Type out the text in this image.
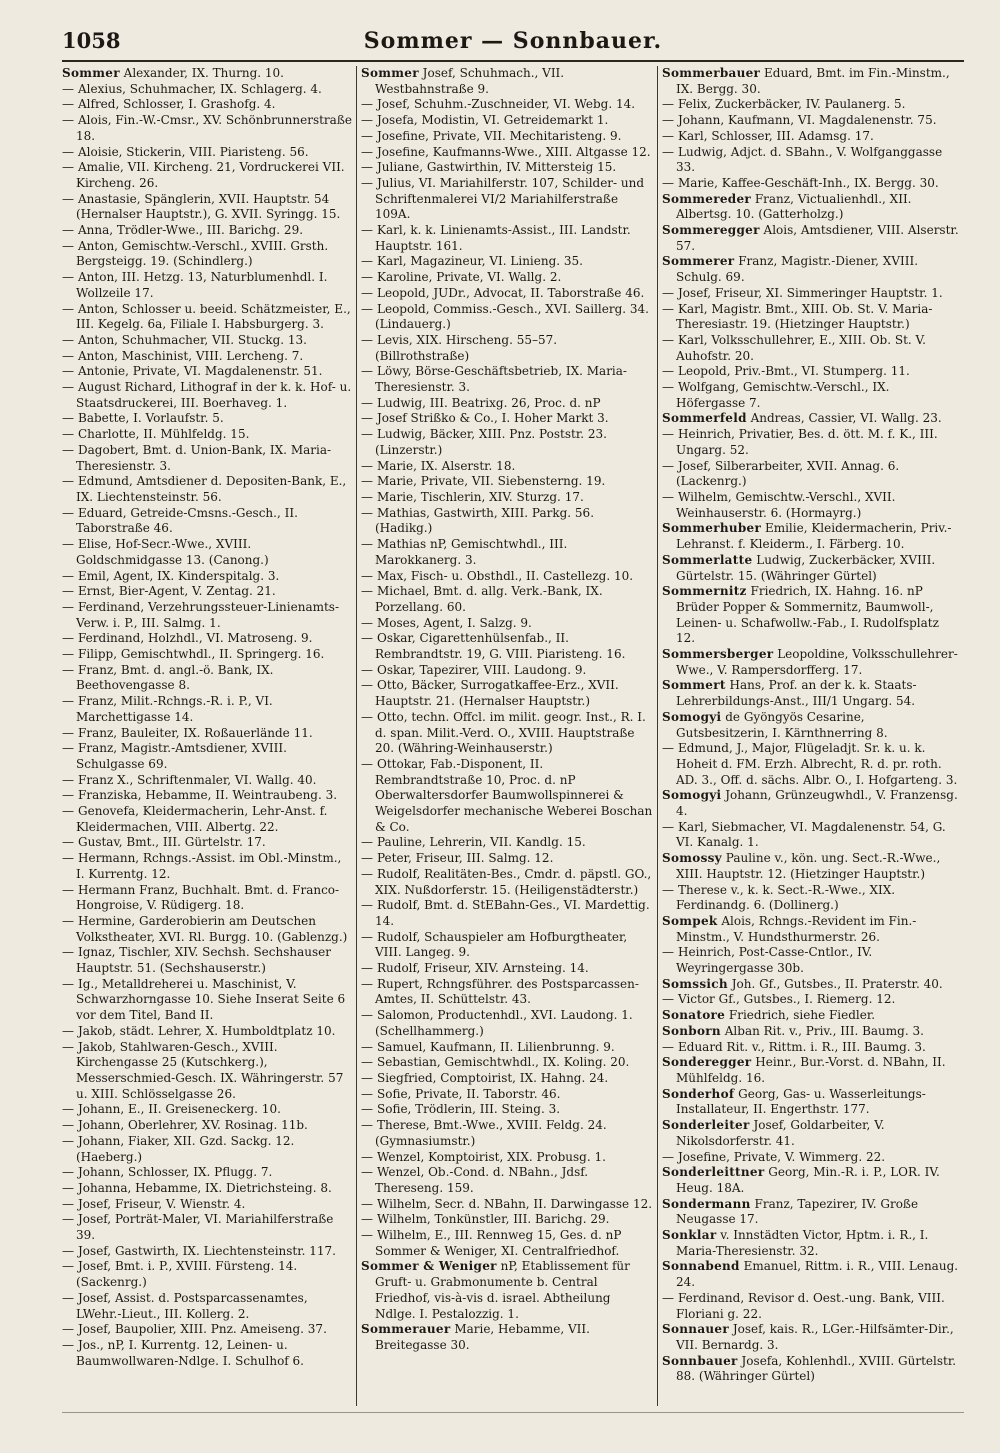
1058	Sommer — Sonnbauer.

Sommer Alexander, IX. Thurng. 10.

— Alexius, Schuhmacher, IX. Schlagerg. 4.

— Alfred, Schlosser, I. Grashofg. 4.

— Alois, Fin.-W.-Cmsr., XV. Schönbrunnerstraße 18.

— Aloisie, Stickerin, VIII. Piaristeng. 56.

— Amalie, VII. Kircheng. 21, Vordruckerei VII. Kircheng. 26.

— Anastasie, Spänglerin, XVII. Hauptstr. 54 (Hernalser Hauptstr.), G. XVII. Syringg. 15.

— Anna, Trödler-Wwe., III. Barichg. 29.

— Anton, Gemischtw.-Verschl., XVIII. Grsth. Bergsteigg. 19. (Schindlerg.)

— Anton, III. Hetzg. 13, Naturblumenhdl. I. Wollzeile 17.

— Anton, Schlosser u. beeid. Schätzmeister, E., III. Kegelg. 6a, Filiale I. Habsburgerg. 3.

— Anton, Schuhmacher, VII. Stuckg. 13.

— Anton, Maschinist, VIII. Lercheng. 7.

— Antonie, Private, VI. Magdalenenstr. 51.

— August Richard, Lithograf in der k. k. Hof- u. Staatsdruckerei, III. Boerhaveg. 1.

— Babette, I. Vorlaufstr. 5.

— Charlotte, II. Mühlfeldg. 15.

— Dagobert, Bmt. d. Union-Bank, IX. Maria-Theresienstr. 3.

— Edmund, Amtsdiener d. Depositen-Bank, E., IX. Liechtensteinstr. 56.

— Eduard, Getreide-Cmsns.-Gesch., II. Taborstraße 46.

— Elise, Hof-Secr.-Wwe., XVIII. Goldschmidgasse 13. (Canong.)

— Emil, Agent, IX. Kinderspitalg. 3.

— Ernst, Bier-Agent, V. Zentag. 21.

— Ferdinand, Verzehrungssteuer-Linienamts-Verw. i. P., III. Salmg. 1.

— Ferdinand, Holzhdl., VI. Matroseng. 9.

— Filipp, Gemischtwhdl., II. Springerg. 16.

— Franz, Bmt. d. angl.-ö. Bank, IX. Beethovengasse 8.

— Franz, Milit.-Rchngs.-R. i. P., VI. Marchettigasse 14.

— Franz, Bauleiter, IX. Roßauerlände 11.

— Franz, Magistr.-Amtsdiener, XVIII. Schulgasse 69.

— Franz X., Schriftenmaler, VI. Wallg. 40.

— Franziska, Hebamme, II. Weintraubeng. 3.

— Genovefa, Kleidermacherin, Lehr-Anst. f. Kleidermachen, VIII. Albertg. 22.

— Gustav, Bmt., III. Gürtelstr. 17.

— Hermann, Rchngs.-Assist. im Obl.-Minstm., I. Kurrentg. 12.

— Hermann Franz, Buchhalt. Bmt. d. Franco-Hongroise, V. Rüdigerg. 18.

— Hermine, Garderobierin am Deutschen Volkstheater, XVI. Rl. Burgg. 10. (Gablenzg.)

— Ignaz, Tischler, XIV. Sechsh. Sechshauser Hauptstr. 51. (Sechshauserstr.)

— Ig., Metalldreherei u. Maschinist, V. Schwarzhorngasse 10. Siehe Inserat Seite 6 vor dem Titel, Band II.

— Jakob, städt. Lehrer, X. Humboldtplatz 10.

— Jakob, Stahlwaren-Gesch., XVIII. Kirchengasse 25 (Kutschkerg.), Messerschmied-Gesch. IX. Währingerstr. 57 u. XIII. Schlösselgasse 26.

— Johann, E., II. Greiseneckerg. 10.

— Johann, Oberlehrer, XV. Rosinag. 11b.

— Johann, Fiaker, XII. Gzd. Sackg. 12. (Haeberg.)

— Johann, Schlosser, IX. Pflugg. 7.

— Johanna, Hebamme, IX. Dietrichsteing. 8.

— Josef, Friseur, V. Wienstr. 4.

— Josef, Porträt-Maler, VI. Mariahilferstraße 39.

— Josef, Gastwirth, IX. Liechtensteinstr. 117.

— Josef, Bmt. i. P., XVIII. Fürsteng. 14. (Sackenrg.)

— Josef, Assist. d. Postsparcassenamtes, LWehr.-Lieut., III. Kollerg. 2.

— Josef, Baupolier, XIII. Pnz. Ameiseng. 37.

— Jos., nP, I. Kurrentg. 12, Leinen- u. Baumwollwaren-Ndlge. I. Schulhof 6.

Sommer Josef, Schuhmach., VII. Westbahnstraße 9.

— Josef, Schuhm.-Zuschneider, VI. Webg. 14.

— Josefa, Modistin, VI. Getreidemarkt 1.

— Josefine, Private, VII. Mechitaristeng. 9.

— Josefine, Kaufmanns-Wwe., XIII. Altgasse 12.

— Juliane, Gastwirthin, IV. Mittersteig 15.

— Julius, VI. Mariahilferstr. 107, Schilder- und Schriftenmalerei VI/2 Mariahilferstraße 109A.

— Karl, k. k. Linienamts-Assist., III. Landstr. Hauptstr. 161.

— Karl, Magazineur, VI. Linieng. 35.

— Karoline, Private, VI. Wallg. 2.

— Leopold, JUDr., Advocat, II. Taborstraße 46.

— Leopold, Commiss.-Gesch., XVI. Saillerg. 34. (Lindauerg.)

— Levis, XIX. Hirscheng. 55–57. (Billrothstraße)

— Löwy, Börse-Geschäftsbetrieb, IX. Maria-Theresienstr. 3.

— Ludwig, III. Beatrixg. 26, Proc. d. nP

— Josef Strißko & Co., I. Hoher Markt 3.

— Ludwig, Bäcker, XIII. Pnz. Poststr. 23. (Linzerstr.)

— Marie, IX. Alserstr. 18.

— Marie, Private, VII. Siebensterng. 19.

— Marie, Tischlerin, XIV. Sturzg. 17.

— Mathias, Gastwirth, XIII. Parkg. 56. (Hadikg.)

— Mathias nP, Gemischtwhdl., III. Marokkanerg. 3.

— Max, Fisch- u. Obsthdl., II. Castellezg. 10.

— Michael, Bmt. d. allg. Verk.-Bank, IX. Porzellang. 60.

— Moses, Agent, I. Salzg. 9.

— Oskar, Cigarettenhülsenfab., II. Rembrandtstr. 19, G. VIII. Piaristeng. 16.

— Oskar, Tapezirer, VIII. Laudong. 9.

— Otto, Bäcker, Surrogatkaffee-Erz., XVII. Hauptstr. 21. (Hernalser Hauptstr.)

— Otto, techn. Offcl. im milit. geogr. Inst., R. I. d. span. Milit.-Verd. O., XVIII. Hauptstraße 20. (Währing-Weinhauserstr.)

— Ottokar, Fab.-Disponent, II. Rembrandtstraße 10, Proc. d. nP Oberwaltersdorfer Baumwollspinnerei & Weigelsdorfer mechanische Weberei Boschan & Co.

— Pauline, Lehrerin, VII. Kandlg. 15.

— Peter, Friseur, III. Salmg. 12.

— Rudolf, Realitäten-Bes., Cmdr. d. päpstl. GO., XIX. Nußdorferstr. 15. (Heiligenstädterstr.)

— Rudolf, Bmt. d. StEBahn-Ges., VI. Mardettig. 14.

— Rudolf, Schauspieler am Hofburgtheater, VIII. Langeg. 9.

— Rudolf, Friseur, XIV. Arnsteing. 14.

— Rupert, Rchngsführer. des Postsparcassen-Amtes, II. Schüttelstr. 43.

— Salomon, Productenhdl., XVI. Laudong. 1. (Schellhammerg.)

— Samuel, Kaufmann, II. Lilienbrunng. 9.

— Sebastian, Gemischtwhdl., IX. Koling. 20.

— Siegfried, Comptoirist, IX. Hahng. 24.

— Sofie, Private, II. Taborstr. 46.

— Sofie, Trödlerin, III. Steing. 3.

— Therese, Bmt.-Wwe., XVIII. Feldg. 24. (Gymnasiumstr.)

— Wenzel, Komptoirist, XIX. Probusg. 1.

— Wenzel, Ob.-Cond. d. NBahn., Jdsf. Thereseng. 159.

— Wilhelm, Secr. d. NBahn, II. Darwingasse 12.

— Wilhelm, Tonkünstler, III. Barichg. 29.

— Wilhelm, E., III. Rennweg 15, Ges. d. nP Sommer & Weniger, XI. Centralfriedhof.

Sommer & Weniger nP, Etablissement für Gruft- u. Grabmonumente b. Central Friedhof, vis-à-vis d. israel. Abtheilung Ndlge. I. Pestalozzig. 1.

Sommerauer Marie, Hebamme, VII. Breitegasse 30.

Sommerbauer Eduard, Bmt. im Fin.-Minstm., IX. Bergg. 30.

— Felix, Zuckerbäcker, IV. Paulanerg. 5.

— Johann, Kaufmann, VI. Magdalenenstr. 75.

— Karl, Schlosser, III. Adamsg. 17.

— Ludwig, Adjct. d. SBahn., V. Wolfganggasse 33.

— Marie, Kaffee-Geschäft-Inh., IX. Bergg. 30.

Sommereder Franz, Victualienhdl., XII. Albertsg. 10. (Gatterholzg.)

Sommeregger Alois, Amtsdiener, VIII. Alserstr. 57.

Sommerer Franz, Magistr.-Diener, XVIII. Schulg. 69.

— Josef, Friseur, XI. Simmeringer Hauptstr. 1.

— Karl, Magistr. Bmt., XIII. Ob. St. V. Maria-Theresiastr. 19. (Hietzinger Hauptstr.)

— Karl, Volksschullehrer, E., XIII. Ob. St. V. Auhofstr. 20.

— Leopold, Priv.-Bmt., VI. Stumperg. 11.

— Wolfgang, Gemischtw.-Verschl., IX. Höfergasse 7.

Sommerfeld Andreas, Cassier, VI. Wallg. 23.

— Heinrich, Privatier, Bes. d. ött. M. f. K., III. Ungarg. 52.

— Josef, Silberarbeiter, XVII. Annag. 6. (Lackenrg.)

— Wilhelm, Gemischtw.-Verschl., XVII. Weinhauserstr. 6. (Hormayrg.)

Sommerhuber Emilie, Kleidermacherin, Priv.-Lehranst. f. Kleiderm., I. Färberg. 10.

Sommerlatte Ludwig, Zuckerbäcker, XVIII. Gürtelstr. 15. (Währinger Gürtel)

Sommernitz Friedrich, IX. Hahng. 16. nP Brüder Popper & Sommernitz, Baumwoll-, Leinen- u. Schafwollw.-Fab., I. Rudolfsplatz 12.

Sommersberger Leopoldine, Volksschullehrer-Wwe., V. Rampersdorfferg. 17.

Sommert Hans, Prof. an der k. k. Staats-Lehrerbildungs-Anst., III/1 Ungarg. 54.

Somogyi de Gyöngyös Cesarine, Gutsbesitzerin, I. Kärnthnerring 8.

— Edmund, J., Major, Flügeladjt. Sr. k. u. k. Hoheit d. FM. Erzh. Albrecht, R. d. pr. roth. AD. 3., Off. d. sächs. Albr. O., I. Hofgarteng. 3.

Somogyi Johann, Grünzeugwhdl., V. Franzensg. 4.

— Karl, Siebmacher, VI. Magdalenenstr. 54, G. VI. Kanalg. 1.

Somossy Pauline v., kön. ung. Sect.-R.-Wwe., XIII. Hauptstr. 12. (Hietzinger Hauptstr.)

— Therese v., k. k. Sect.-R.-Wwe., XIX. Ferdinandg. 6. (Dollinerg.)

Sompek Alois, Rchngs.-Revident im Fin.-Minstm., V. Hundsthurmerstr. 26.

— Heinrich, Post-Casse-Cntlor., IV. Weyringergasse 30b.

Somssich Joh. Gf., Gutsbes., II. Praterstr. 40.

— Victor Gf., Gutsbes., I. Riemerg. 12.

Sonatore Friedrich, siehe Fiedler.

Sonborn Alban Rit. v., Priv., III. Baumg. 3.

— Eduard Rit. v., Rittm. i. R., III. Baumg. 3.

Sonderegger Heinr., Bur.-Vorst. d. NBahn, II. Mühlfeldg. 16.

Sonderhof Georg, Gas- u. Wasserleitungs-Installateur, II. Engerthstr. 177.

Sonderleiter Josef, Goldarbeiter, V. Nikolsdorferstr. 41.

— Josefine, Private, V. Wimmerg. 22.

Sonderleittner Georg, Min.-R. i. P., LOR. IV. Heug. 18A.

Sondermann Franz, Tapezirer, IV. Große Neugasse 17.

Sonklar v. Innstädten Victor, Hptm. i. R., I. Maria-Theresienstr. 32.

Sonnabend Emanuel, Rittm. i. R., VIII. Lenaug. 24.

— Ferdinand, Revisor d. Oest.-ung. Bank, VIII. Floriani g. 22.

Sonnauer Josef, kais. R., LGer.-Hilfsämter-Dir., VII. Bernardg. 3.

Sonnbauer Josefa, Kohlenhdl., XVIII. Gürtelstr. 88. (Währinger Gürtel)
